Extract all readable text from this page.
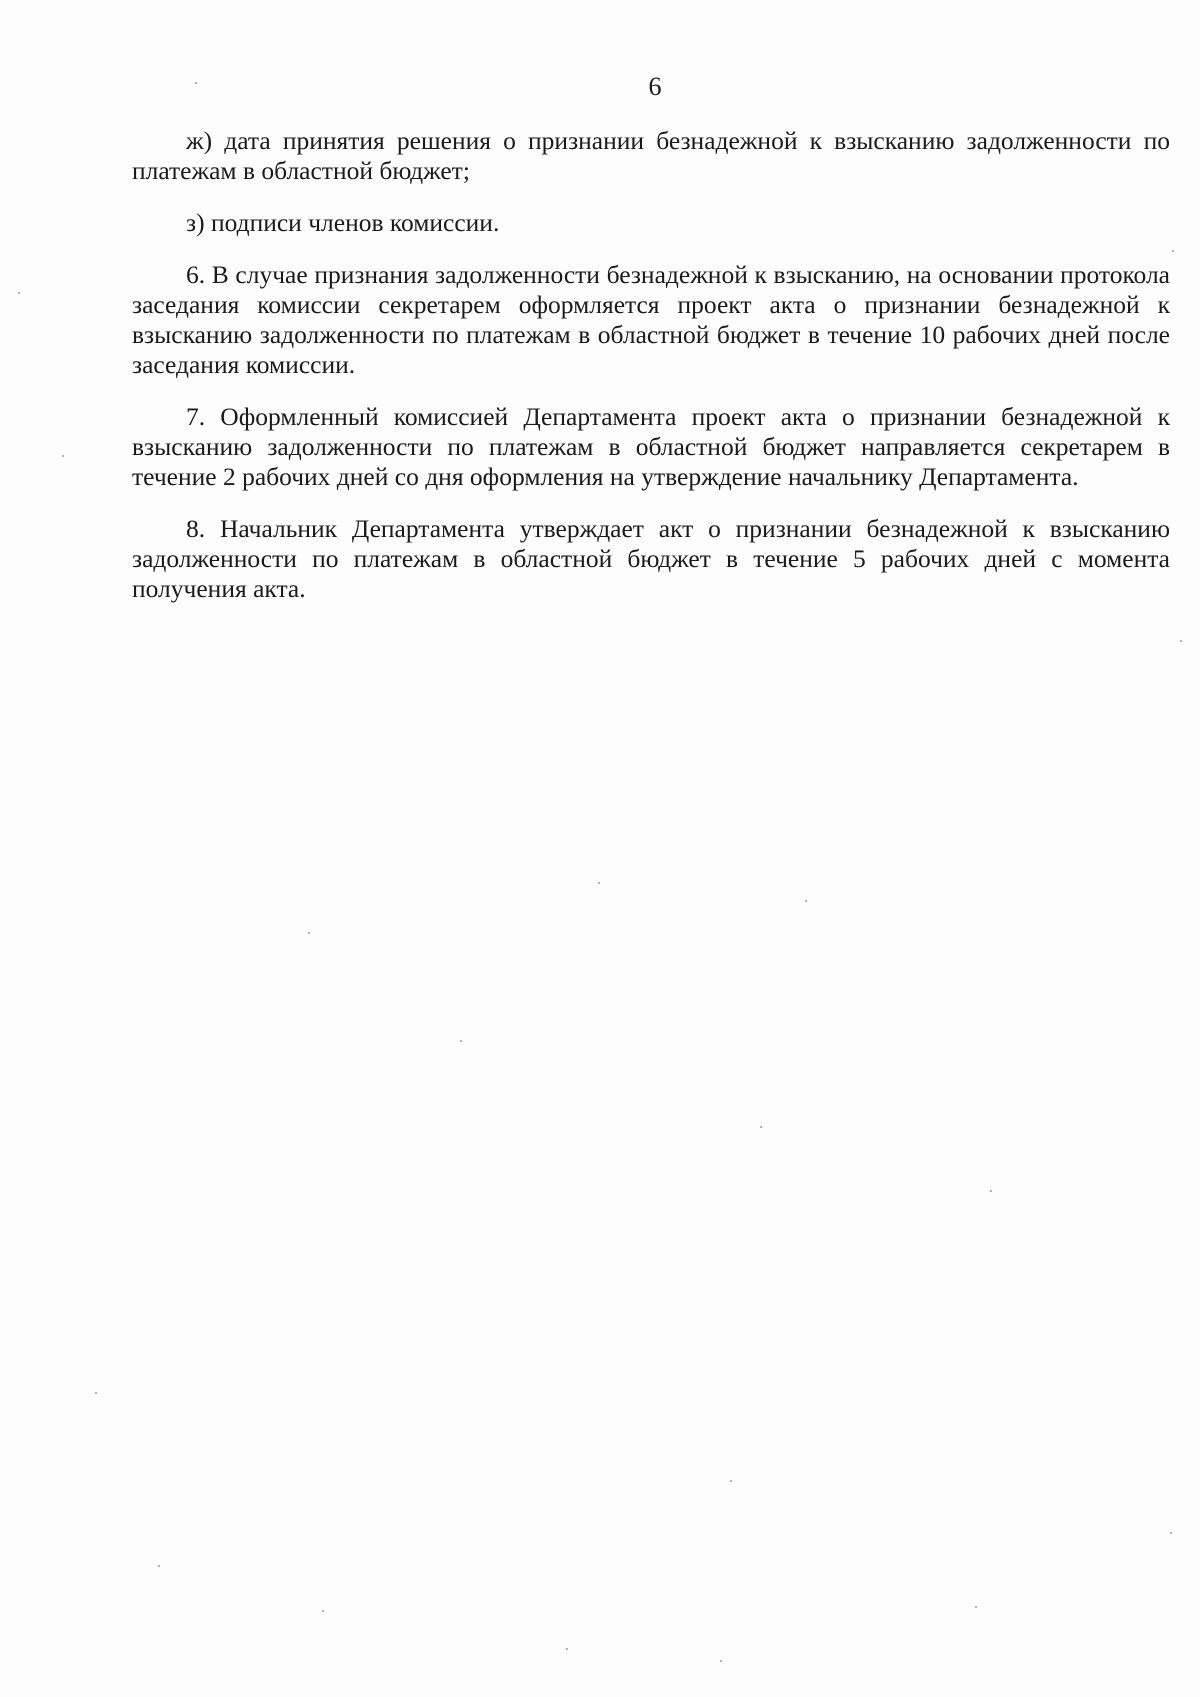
6

ж) дата принятия решения о признании безнадежной к взысканию задолженности по платежам в областной бюджет;

з) подписи членов комиссии.

6. В случае признания задолженности безнадежной к взысканию, на основании протокола заседания комиссии секретарем оформляется проект акта о признании безнадежной к взысканию задолженности по платежам в областной бюджет в течение 10 рабочих дней после заседания комиссии.

7. Оформленный комиссией Департамента проект акта о признании безнадежной к взысканию задолженности по платежам в областной бюджет направляется секретарем в течение 2 рабочих дней со дня оформления на утверждение начальнику Департамента.

8. Начальник Департамента утверждает акт о признании безнадежной к взысканию задолженности по платежам в областной бюджет в течение 5 рабочих дней с момента получения акта.
